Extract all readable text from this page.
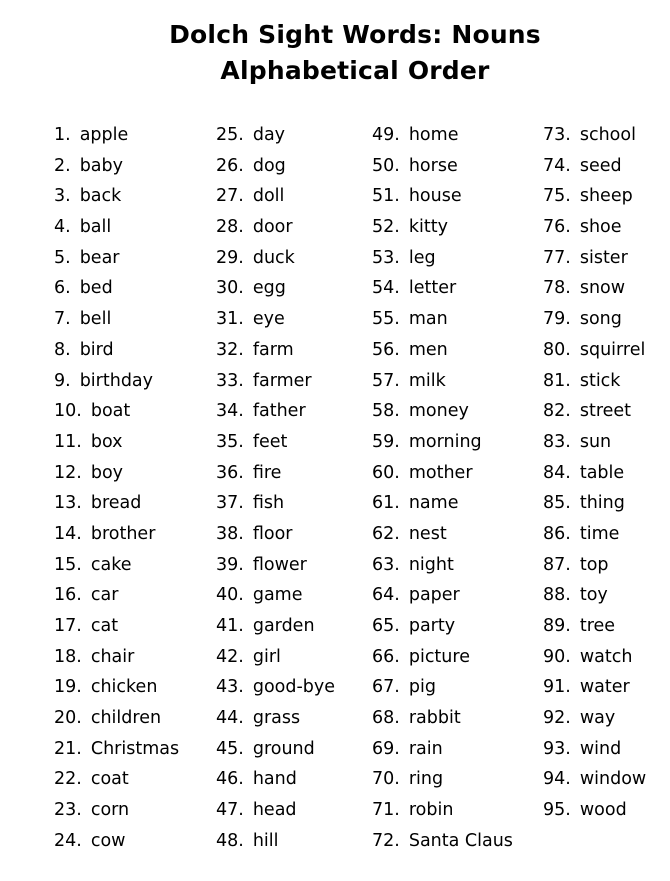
Dolch Sight Words: Nouns
Alphabetical Order
1. apple
2. baby
3. back
4. ball
5. bear
6. bed
7. bell
8. bird
9. birthday
10. boat
11. box
12. boy
13. bread
14. brother
15. cake
16. car
17. cat
18. chair
19. chicken
20. children
21. Christmas
22. coat
23. corn
24. cow
25. day
26. dog
27. doll
28. door
29. duck
30. egg
31. eye
32. farm
33. farmer
34. father
35. feet
36. fire
37. fish
38. floor
39. flower
40. game
41. garden
42. girl
43. good-bye
44. grass
45. ground
46. hand
47. head
48. hill
49. home
50. horse
51. house
52. kitty
53. leg
54. letter
55. man
56. men
57. milk
58. money
59. morning
60. mother
61. name
62. nest
63. night
64. paper
65. party
66. picture
67. pig
68. rabbit
69. rain
70. ring
71. robin
72. Santa Claus
73. school
74. seed
75. sheep
76. shoe
77. sister
78. snow
79. song
80. squirrel
81. stick
82. street
83. sun
84. table
85. thing
86. time
87. top
88. toy
89. tree
90. watch
91. water
92. way
93. wind
94. window
95. wood
